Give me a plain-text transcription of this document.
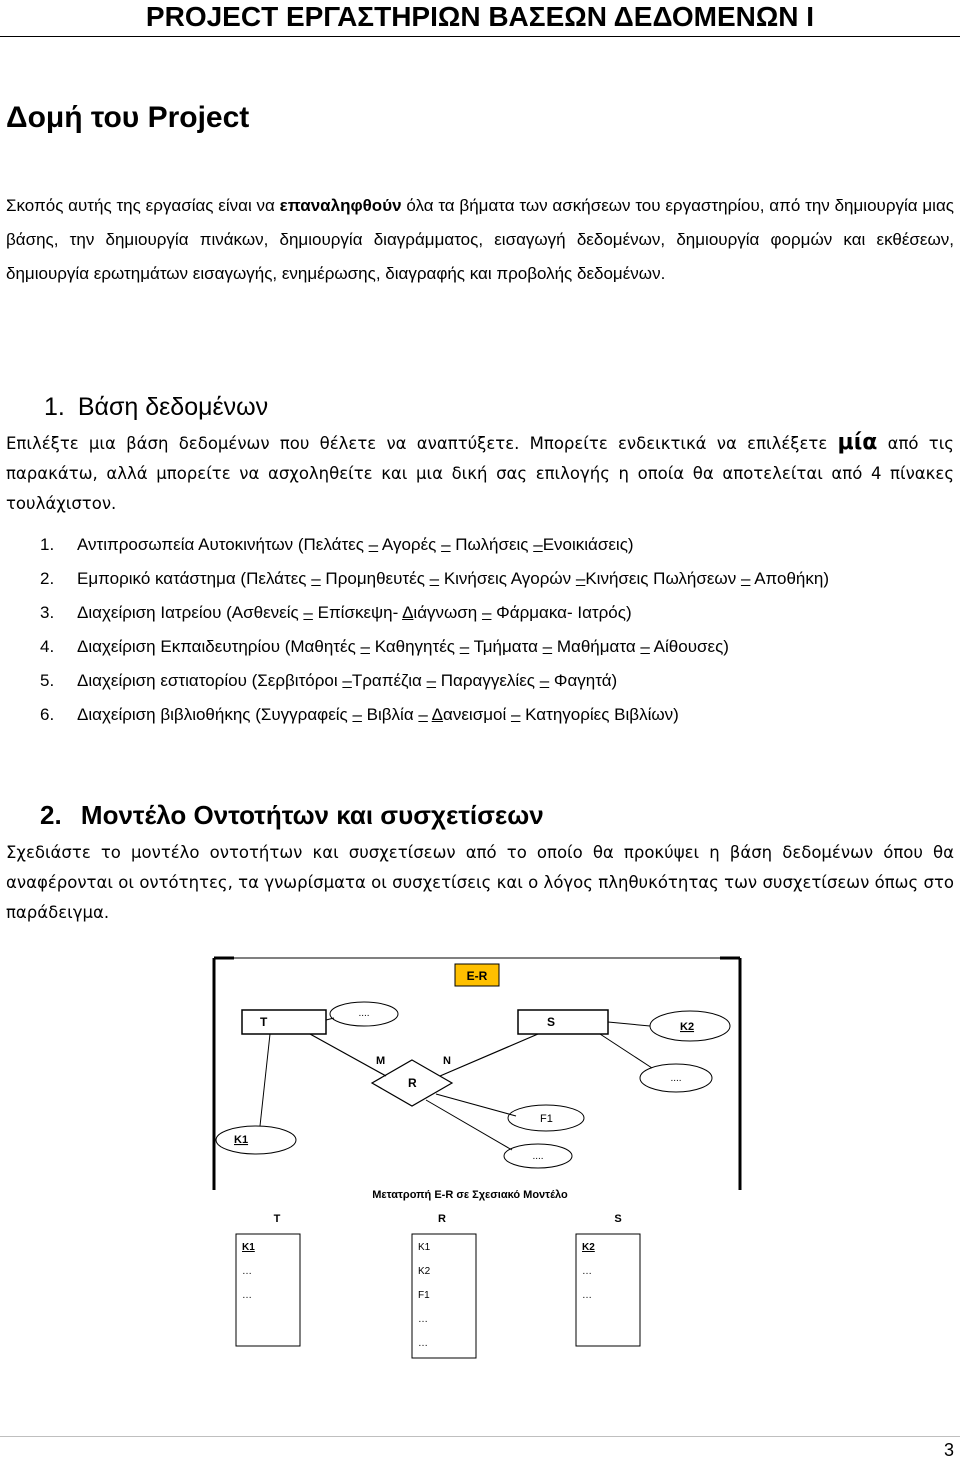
PROJECT ΕΡΓΑΣΤΗΡΙΩΝ ΒΑΣΕΩΝ ΔΕΔΟΜΕΝΩΝ Ι
Δομή του Project

Σκοπός αυτής της εργασίας είναι να επαναληφθούν όλα τα βήματα των ασκήσεων του εργαστηρίου, από την δημιουργία μιας βάσης, την δημιουργία πινάκων, δημιουργία διαγράμματος, εισαγωγή δεδομένων, δημιουργία φορμών και εκθέσεων, δημιουργία ερωτημάτων εισαγωγής, ενημέρωσης, διαγραφής και προβολής δεδομένων.

1. Βάση δεδομένων

Επιλέξτε μια βάση δεδομένων που θέλετε να αναπτύξετε. Μπορείτε ενδεικτικά να επιλέξετε μία από τις παρακάτω, αλλά μπορείτε να ασχοληθείτε και μια δική σας επιλογής η οποία θα αποτελείται από 4 πίνακες τουλάχιστον.

1. Αντιπροσωπεία Αυτοκινήτων (Πελάτες – Αγορές – Πωλήσεις –Ενοικιάσεις)
2. Εμπορικό κατάστημα (Πελάτες – Προμηθευτές – Κινήσεις Αγορών –Κινήσεις Πωλήσεων – Αποθήκη)
3. Διαχείριση Ιατρείου (Ασθενείς – Επίσκεψη- Διάγνωση – Φάρμακα- Ιατρός)
4. Διαχείριση Εκπαιδευτηρίου (Μαθητές – Καθηγητές – Τμήματα – Μαθήματα – Αίθουσες)
5. Διαχείριση εστιατορίου (Σερβιτόροι –Τραπέζια – Παραγγελίες – Φαγητά)
6. Διαχείριση βιβλιοθήκης (Συγγραφείς – Βιβλία – Δανεισμοί – Κατηγορίες Βιβλίων)
2. Μοντέλο Οντοτήτων και συσχετίσεων

Σχεδιάστε το μοντέλο οντοτήτων και συσχετίσεων από το οποίο θα προκύψει η βάση δεδομένων όπου θα αναφέρονται οι οντότητες, τα γνωρίσματα οι συσχετίσεις και ο λόγος πληθυκότητας των συσχετίσεων όπως στο παράδειγμα.

E-R
T	S
....
K2
....
K1
F1
....
R
M	N
Μετατροπή E-R σε Σχεσιακό Μοντέλο
T
K1
…
…
R
K1
K2
F1
…
…
S
K2
…
…
3
